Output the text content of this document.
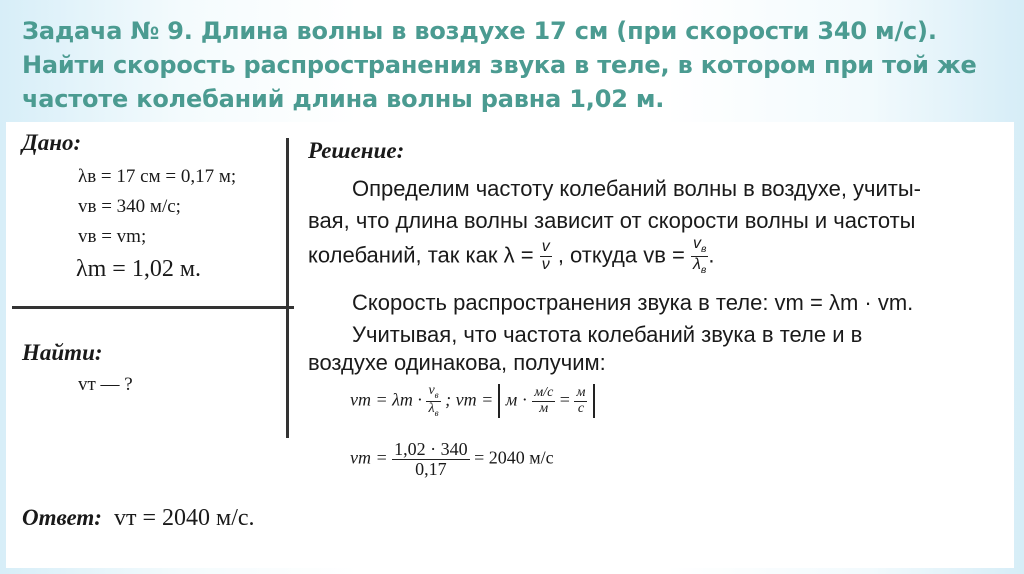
Задача № 9. Длина волны в воздухе 17 см (при скорости 340 м/с). Найти скорость распространения звука в теле, в котором при той же частоте колебаний длина волны равна 1,02 м.
Дано:
λв = 17 см = 0,17 м;
vв = 340 м/с;
vв = vm;
λm = 1,02 м.
Найти:
vт — ?
Ответ: vт = 2040 м/с.
Решение:
Определим частоту колебаний волны в воздухе, учиты-
вая, что длина волны зависит от скорости волны и частоты
колебаний, так как $\lambda = \frac{v}{\nu}$ , откуда vв = $\frac{v_в}{\lambda_в}$ .
Скорость распространения звука в теле: vm = λm · vm.
Учитывая, что частота колебаний звука в теле и в
воздухе одинакова, получим:
vm = $\lambda m \cdot \frac{v_в}{\lambda_в}$ ; vm = $м \cdot \frac{м/с}{м} = \frac{м}{с}$
vm = $\frac{1,02 \cdot 340}{0,17} = 2040$ м/с
